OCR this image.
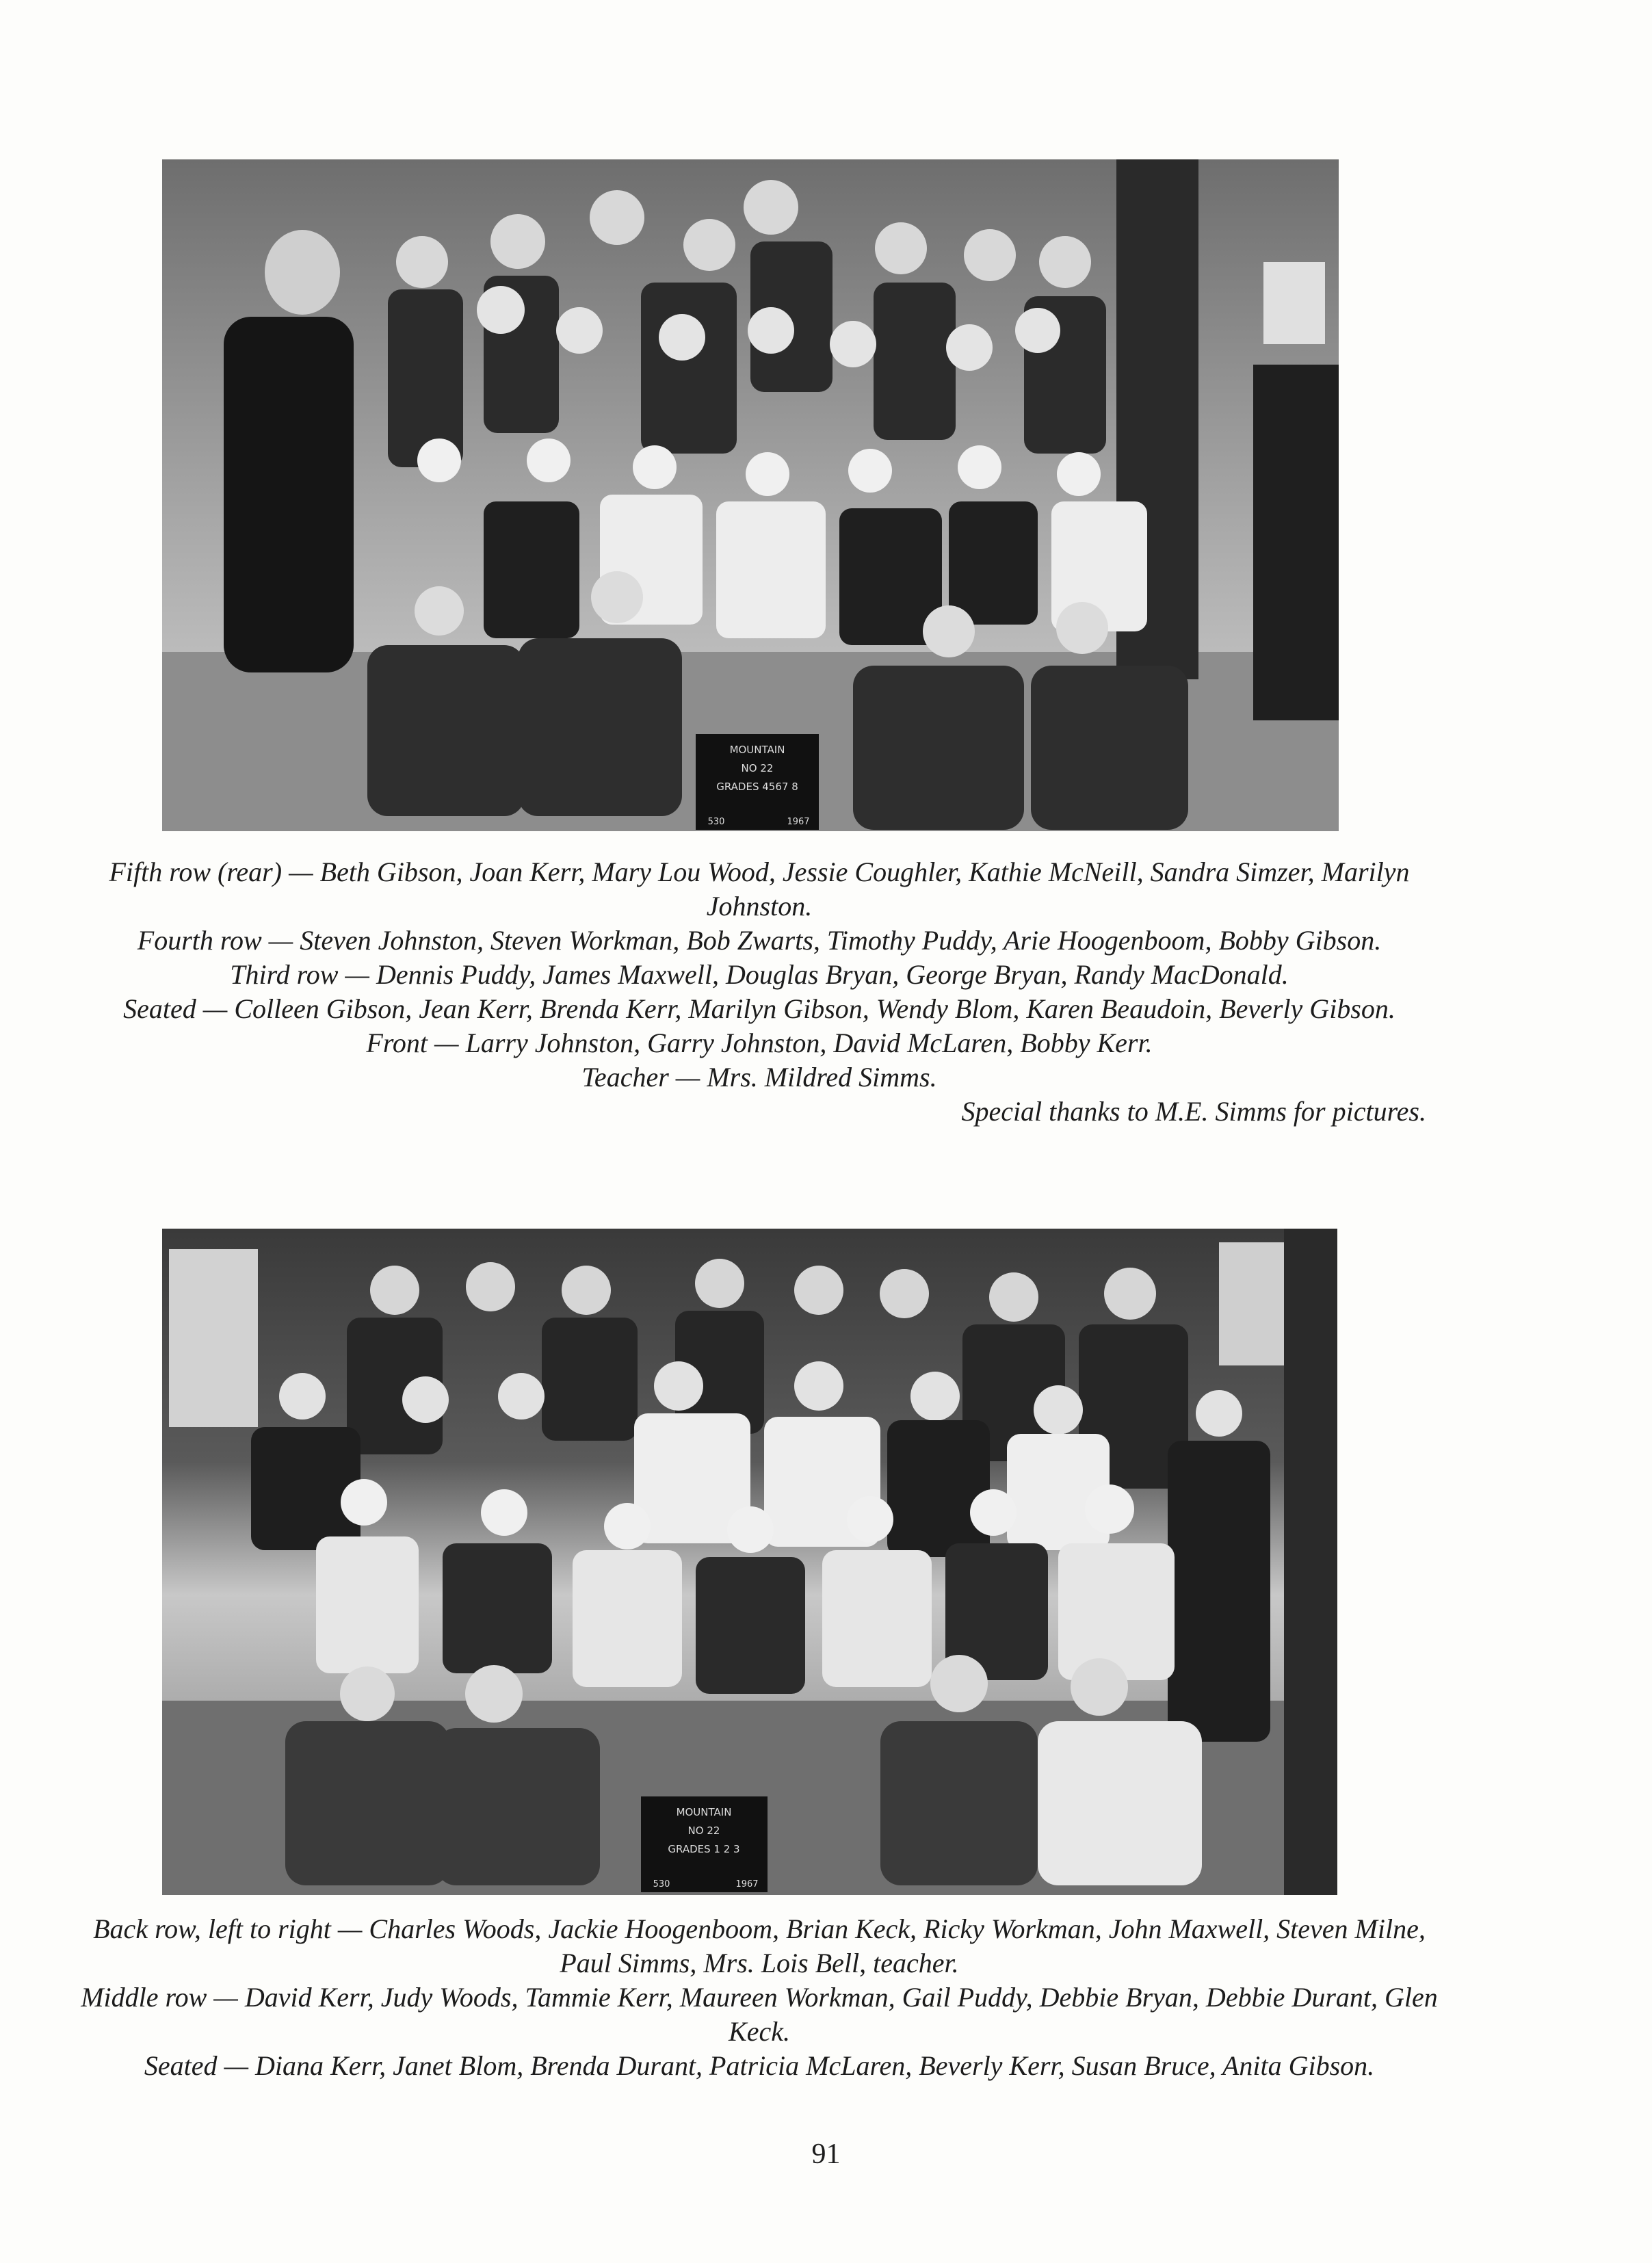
MOUNTAIN
NO 22
GRADES 4567 8
530	1967

Fifth row (rear) — Beth Gibson, Joan Kerr, Mary Lou Wood, Jessie Coughler, Kathie McNeill, Sandra Simzer, Marilyn Johnston.

Fourth row — Steven Johnston, Steven Workman, Bob Zwarts, Timothy Puddy, Arie Hoogenboom, Bobby Gibson.

Third row — Dennis Puddy, James Maxwell, Douglas Bryan, George Bryan, Randy MacDonald.

Seated — Colleen Gibson, Jean Kerr, Brenda Kerr, Marilyn Gibson, Wendy Blom, Karen Beaudoin, Beverly Gibson.

Front — Larry Johnston, Garry Johnston, David McLaren, Bobby Kerr.

Teacher — Mrs. Mildred Simms.

Special thanks to M.E. Simms for pictures.

MOUNTAIN
NO 22
GRADES 1 2 3
530	1967

Back row, left to right — Charles Woods, Jackie Hoogenboom, Brian Keck, Ricky Workman, John Maxwell, Steven Milne, Paul Simms, Mrs. Lois Bell, teacher.

Middle row — David Kerr, Judy Woods, Tammie Kerr, Maureen Workman, Gail Puddy, Debbie Bryan, Debbie Durant, Glen Keck.

Seated — Diana Kerr, Janet Blom, Brenda Durant, Patricia McLaren, Beverly Kerr, Susan Bruce, Anita Gibson.

91
